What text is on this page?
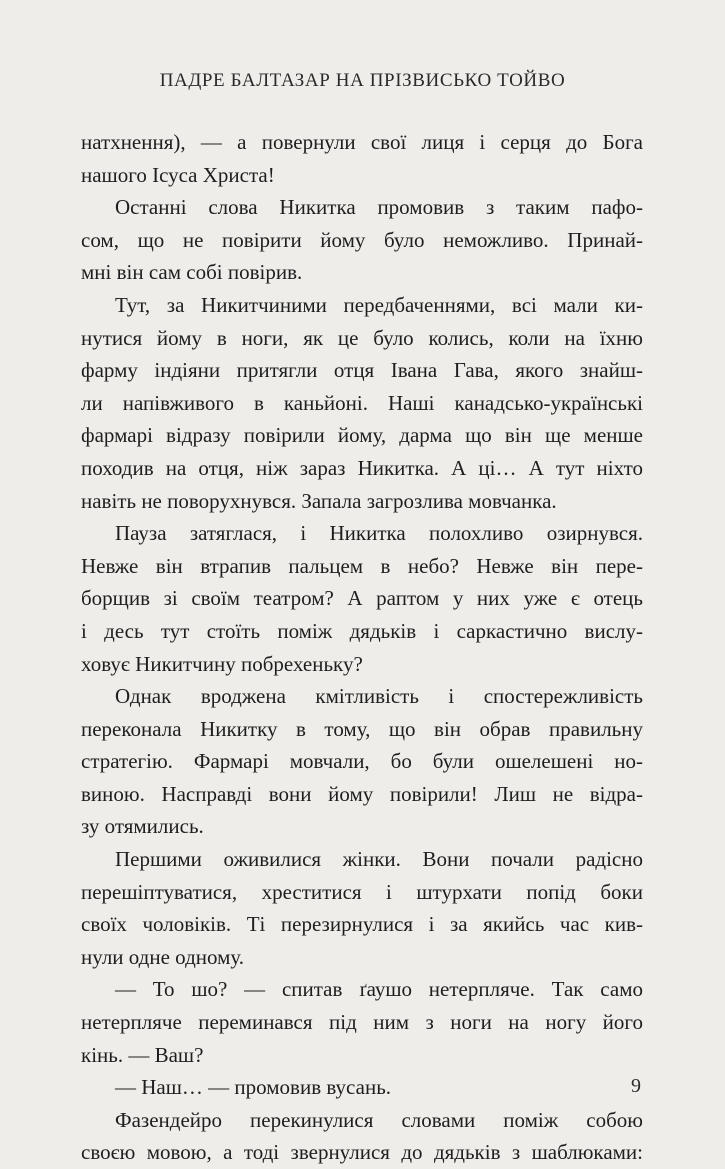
ПАДРЕ БАЛТАЗАР НА ПРІЗВИСЬКО ТОЙВО
натхнення), — а повернули свої лиця і серця до Бога
нашого Ісуса Христа!
Останні слова Никитка промовив з таким пафо-
сом, що не повірити йому було неможливо. Принай-
мні він сам собі повірив.
Тут, за Никитчиними передбаченнями, всі мали ки-
нутися йому в ноги, як це було колись, коли на їхню
фарму індіяни притягли отця Івана Гава, якого знайш-
ли напівживого в каньйоні. Наші канадсько-українські
фармарі відразу повірили йому, дарма що він ще менше
походив на отця, ніж зараз Никитка. А ці… А тут ніхто
навіть не поворухнувся. Запала загрозлива мовчанка.
Пауза затяглася, і Никитка полохливо озирнувся.
Невже він втрапив пальцем в небо? Невже він пере-
борщив зі своїм театром? А раптом у них уже є отець
і десь тут стоїть поміж дядьків і саркастично вислу-
ховує Никитчину побрехеньку?
Однак вроджена кмітливість і спостережливість
переконала Никитку в тому, що він обрав правильну
стратегію. Фармарі мовчали, бо були ошелешені но-
виною. Насправді вони йому повірили! Лиш не відра-
зу отямились.
Першими оживилися жінки. Вони почали радісно
перешіптуватися, хреститися і штурхати попід боки
своїх чоловіків. Ті перезирнулися і за якийсь час кив-
нули одне одному.
— То шо? — спитав ґаушо нетерпляче. Так само
нетерпляче переминався під ним з ноги на ногу його
кінь. — Ваш?
— Наш… — промовив вусань.
Фазендейро перекинулися словами поміж собою
своєю мовою, а тоді звернулися до дядьків з шаблюками:
9
